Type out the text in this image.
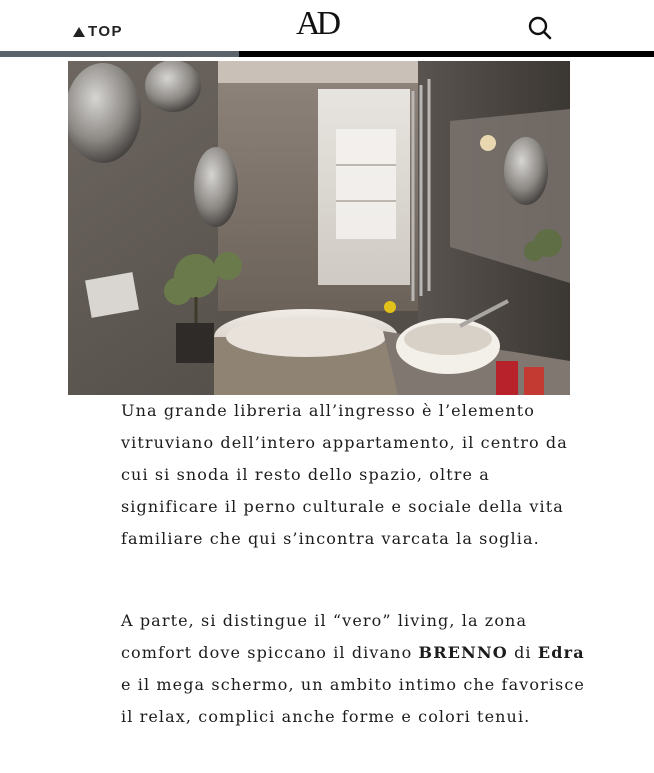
TOP	AD

Una grande libreria all’ingresso è l’elemento vitruviano dell’intero appartamento, il centro da cui si snoda il resto dello spazio, oltre a significare il perno culturale e sociale della vita familiare che qui s’incontra varcata la soglia.

A parte, si distingue il “vero” living, la zona comfort dove spiccano il divano BRENNO di Edra e il mega schermo, un ambito intimo che favorisce il relax, complici anche forme e colori tenui.
